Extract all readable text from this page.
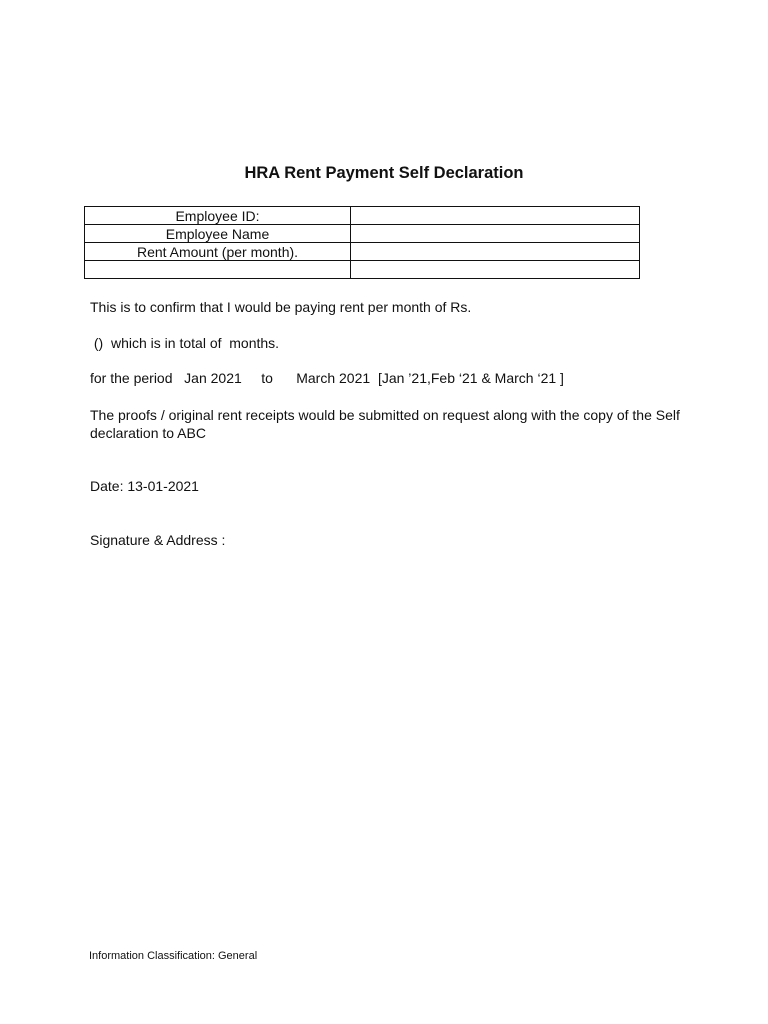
HRA Rent Payment Self Declaration
Employee ID:	
Employee Name	
Rent Amount (per month).	

This is to confirm that I would be paying rent per month of Rs.

()  which is in total of  months.

for the period   Jan 2021     to      March 2021  [Jan ’21,Feb ‘21 & March ‘21 ]

The proofs / original rent receipts would be submitted on request along with the copy of the Self declaration to ABC

Date: 13-01-2021

Signature & Address :

Information Classification: General
